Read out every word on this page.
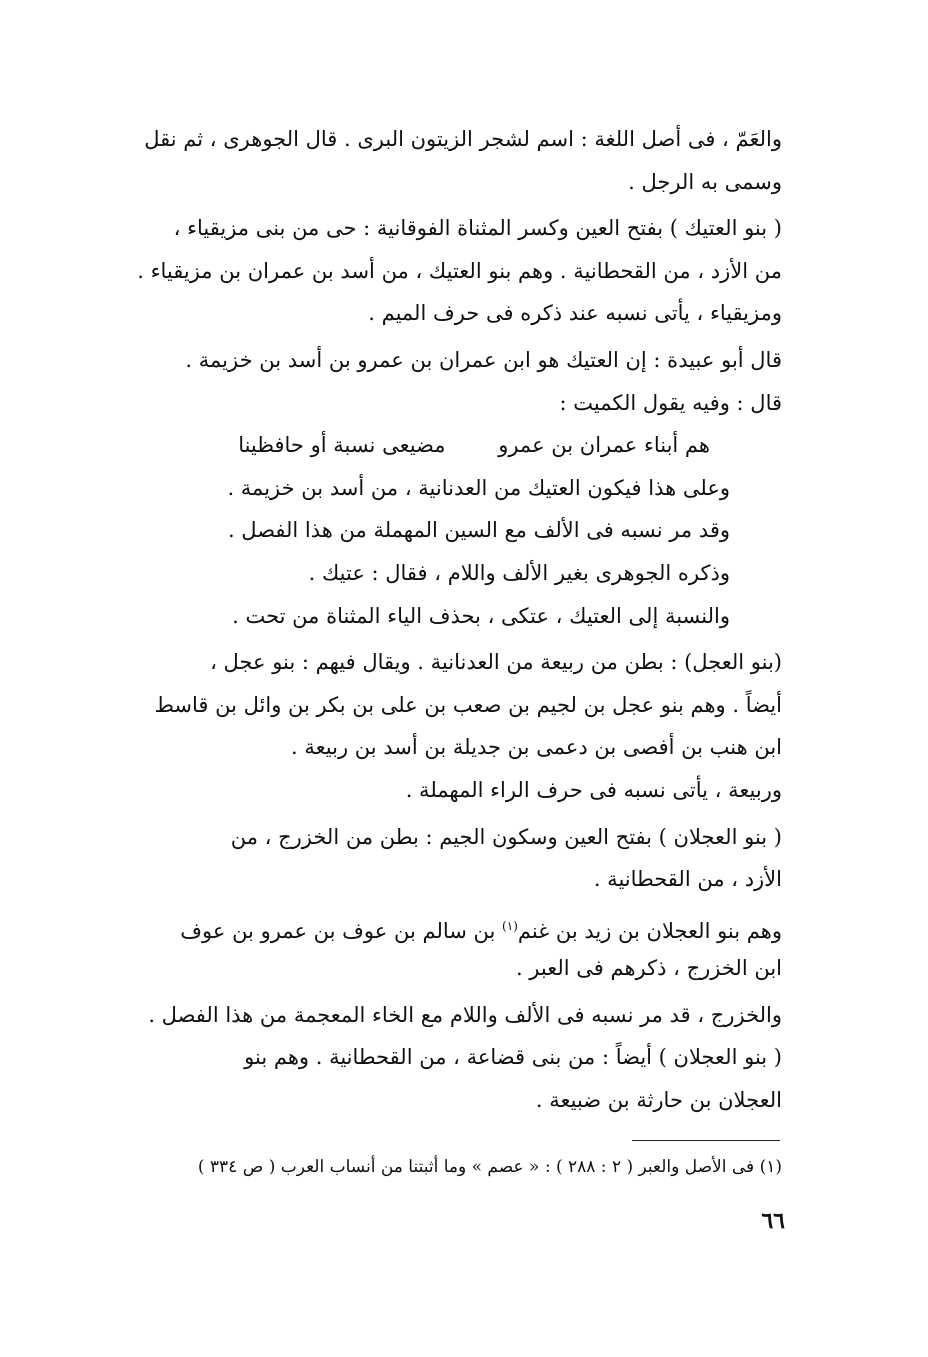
والعَمّ ، فى أصل اللغة : اسم لشجر الزيتون البرى . قال الجوهرى ، ثم نقل
وسمى به الرجل .
( بنو العتيك ) بفتح العين وكسر المثناة الفوقانية : حى من بنى مزيقياء ،
من الأزد ، من القحطانية . وهم بنو العتيك ، من أسد بن عمران بن مزيقياء .
ومزيقياء ، يأتى نسبه عند ذكره فى حرف الميم .
قال أبو عبيدة : إن العتيك هو ابن عمران بن عمرو بن أسد بن خزيمة .
قال : وفيه يقول الكميت :
هم أبناء عمران بن عمرو مضيعى نسبة أو حافظينا
وعلى هذا فيكون العتيك من العدنانية ، من أسد بن خزيمة .
وقد مر نسبه فى الألف مع السين المهملة من هذا الفصل .
وذكره الجوهرى بغير الألف واللام ، فقال : عتيك .
والنسبة إلى العتيك ، عتكى ، بحذف الياء المثناة من تحت .
(بنو العجل) : بطن من ربيعة من العدنانية . ويقال فيهم : بنو عجل ،
أيضاً . وهم بنو عجل بن لجيم بن صعب بن على بن بكر بن وائل بن قاسط
ابن هنب بن أفصى بن دعمى بن جديلة بن أسد بن ربيعة .
وربيعة ، يأتى نسبه فى حرف الراء المهملة .
( بنو العجلان ) بفتح العين وسكون الجيم : بطن من الخزرج ، من
الأزد ، من القحطانية .
وهم بنو العجلان بن زيد بن غنم$^{(١)}$ بن سالم بن عوف بن عمرو بن عوف
ابن الخزرج ، ذكرهم فى العبر .
والخزرج ، قد مر نسبه فى الألف واللام مع الخاء المعجمة من هذا الفصل .
( بنو العجلان ) أيضاً : من بنى قضاعة ، من القحطانية . وهم بنو
العجلان بن حارثة بن ضبيعة .
(١) فى الأصل والعبر ( ٢ : ٢٨٨ ) : « عصم » وما أثبتنا من أنساب العرب ( ص ٣٣٤ )
٦٦
